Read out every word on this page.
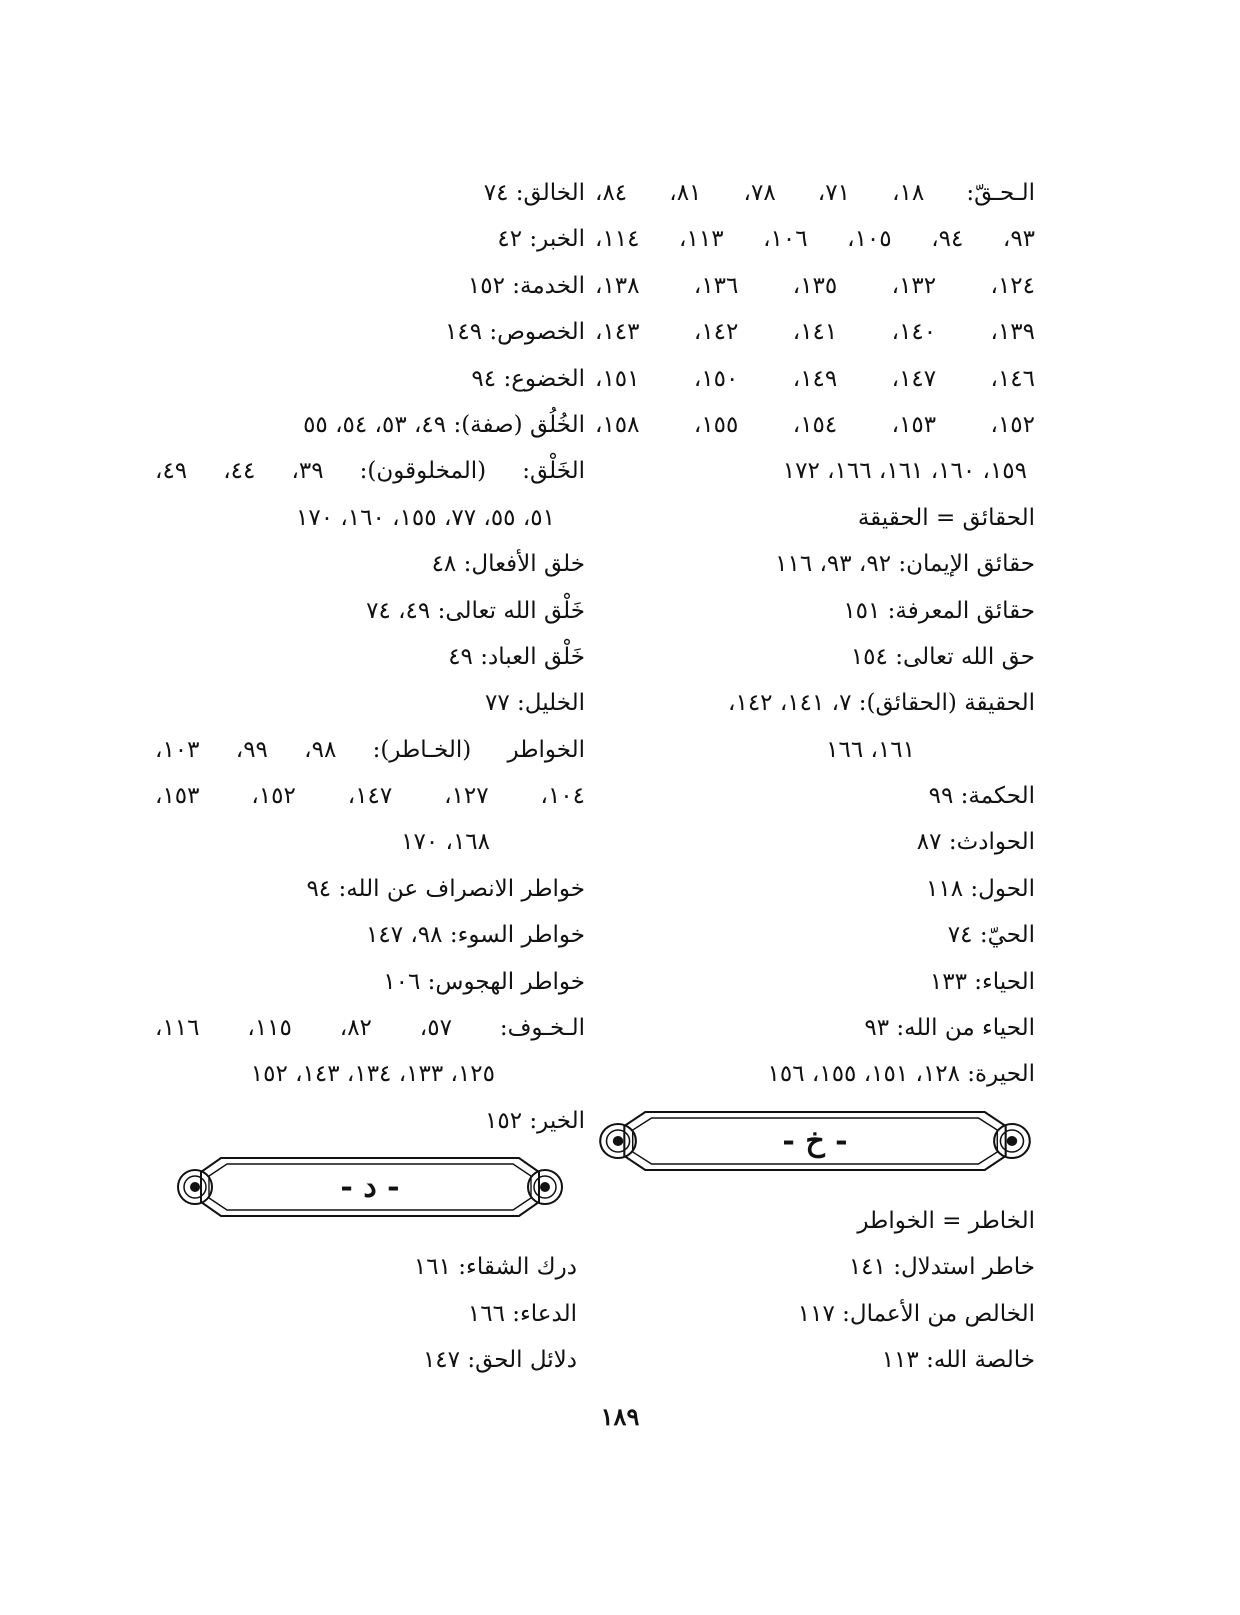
الـحـقّ: ١٨، ٧١، ٧٨، ٨١، ٨٤،
٩٣، ٩٤، ١٠٥، ١٠٦، ١١٣، ١١٤،
١٢٤، ١٣٢، ١٣٥، ١٣٦، ١٣٨،
١٣٩، ١٤٠، ١٤١، ١٤٢، ١٤٣،
١٤٦، ١٤٧، ١٤٩، ١٥٠، ١٥١،
١٥٢، ١٥٣، ١٥٤، ١٥٥، ١٥٨،
١٥٩، ١٦٠، ١٦١، ١٦٦، ١٧٢
الحقائق = الحقيقة
حقائق الإيمان: ٩٢، ٩٣، ١١٦
حقائق المعرفة: ١٥١
حق الله تعالى: ١٥٤
الحقيقة (الحقائق): ٧، ١٤١، ١٤٢،
١٦١، ١٦٦
الحكمة: ٩٩
الحوادث: ٨٧
الحول: ١١٨
الحيّ: ٧٤
الحياء: ١٣٣
الحياء من الله: ٩٣
الحيرة: ١٢٨، ١٥١، ١٥٥، ١٥٦
- خ -
الخاطر = الخواطر
خاطر استدلال: ١٤١
الخالص من الأعمال: ١١٧
خالصة الله: ١١٣
الخالق: ٧٤
الخبر: ٤٢
الخدمة: ١٥٢
الخصوص: ١٤٩
الخضوع: ٩٤
الخُلُق (صفة): ٤٩، ٥٣، ٥٤، ٥٥
الخَلْق: (المخلوقون): ٣٩، ٤٤، ٤٩،
٥١، ٥٥، ٧٧، ١٥٥، ١٦٠، ١٧٠
خلق الأفعال: ٤٨
خَلْق الله تعالى: ٤٩، ٧٤
خَلْق العباد: ٤٩
الخليل: ٧٧
الخواطر (الخـاطر): ٩٨، ٩٩، ١٠٣،
١٠٤، ١٢٧، ١٤٧، ١٥٢، ١٥٣،
١٦٨، ١٧٠
خواطر الانصراف عن الله: ٩٤
خواطر السوء: ٩٨، ١٤٧
خواطر الهجوس: ١٠٦
الـخـوف: ٥٧، ٨٢، ١١٥، ١١٦،
١٢٥، ١٣٣، ١٣٤، ١٤٣، ١٥٢
الخير: ١٥٢
- د -
درك الشقاء: ١٦١
الدعاء: ١٦٦
دلائل الحق: ١٤٧
١٨٩
